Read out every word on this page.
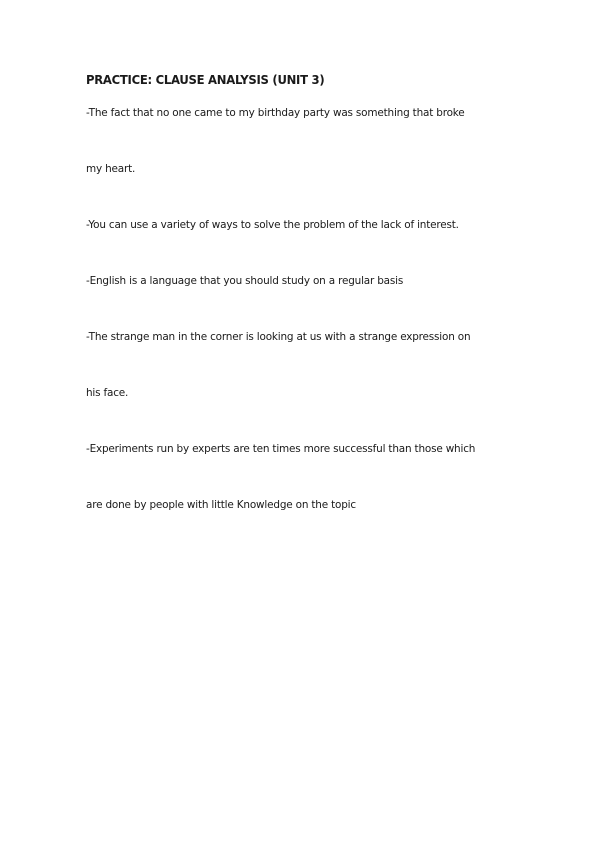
PRACTICE: CLAUSE ANALYSIS (UNIT 3)
-The fact that no one came to my birthday party was something that broke
my heart.
-You can use a variety of ways to solve the problem of the lack of interest.
-English is a language that you should study on a regular basis
-The strange man in the corner is looking at us with a strange expression on
his face.
-Experiments run by experts are ten times more successful than those which
are done by people with little Knowledge on the topic
